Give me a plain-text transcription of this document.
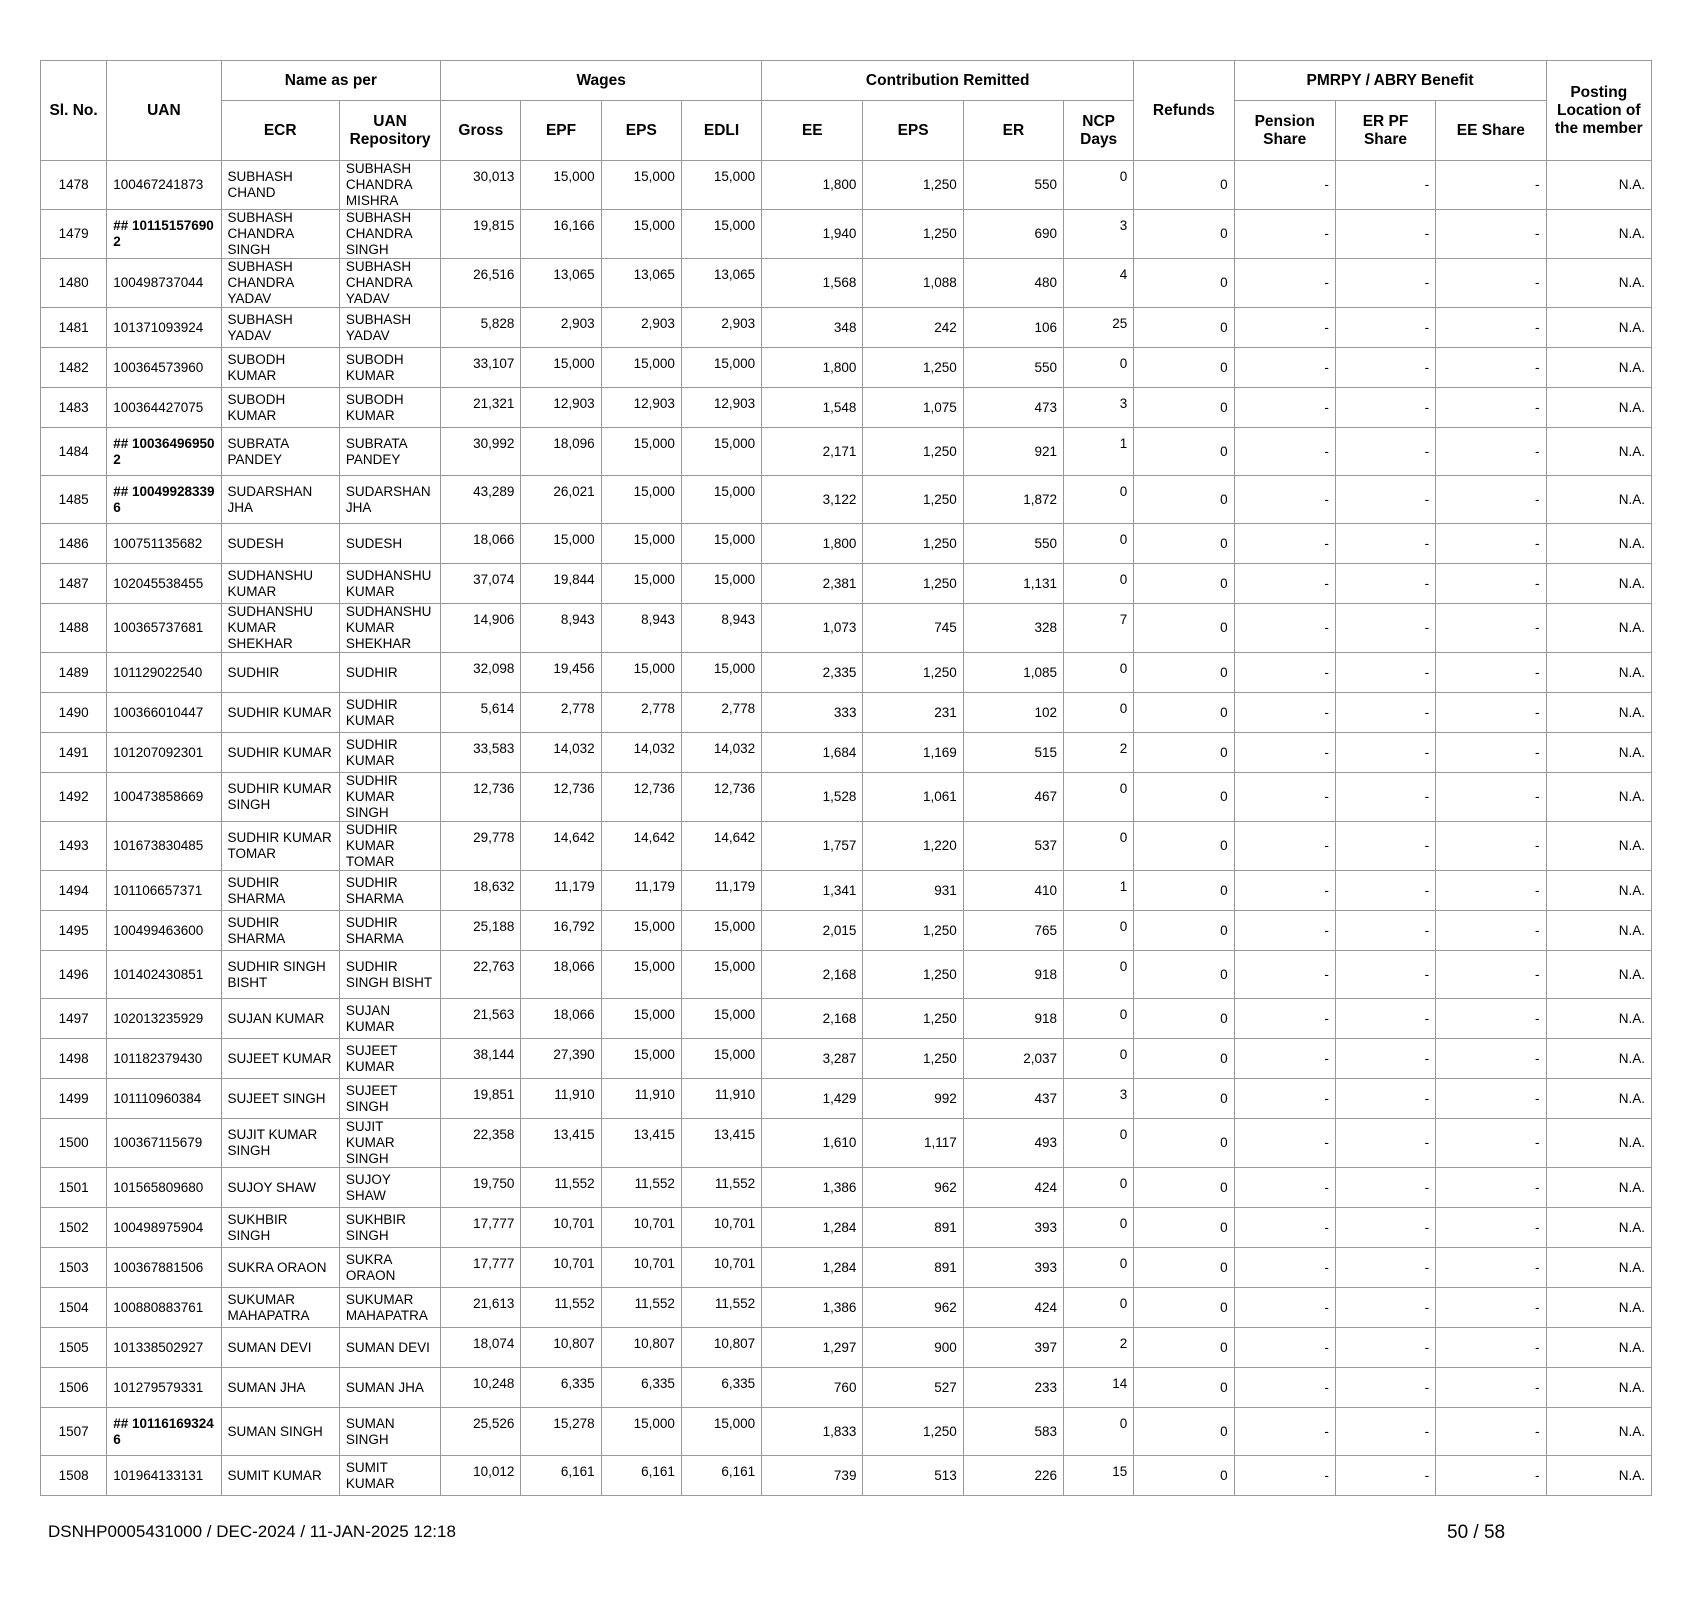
Sl. No.	UAN	Name as per		Wages				Contribution Remitted				Refunds	PMRPY / ABRY Benefit			Posting Location of the member
		ECR	UAN Repository	Gross	EPF	EPS	EDLI	EE	EPS	ER	NCP Days		Pension Share	ER PF Share	EE Share	
1478	100467241873	SUBHASH CHAND	SUBHASH CHANDRA MISHRA	30,013	15,000	15,000	15,000	1,800	1,250	550	0	0	-	-	-	N.A.
1479	## 10115157690 2	SUBHASH CHANDRA SINGH	SUBHASH CHANDRA SINGH	19,815	16,166	15,000	15,000	1,940	1,250	690	3	0	-	-	-	N.A.
1480	100498737044	SUBHASH CHANDRA YADAV	SUBHASH CHANDRA YADAV	26,516	13,065	13,065	13,065	1,568	1,088	480	4	0	-	-	-	N.A.
1481	101371093924	SUBHASH YADAV	SUBHASH YADAV	5,828	2,903	2,903	2,903	348	242	106	25	0	-	-	-	N.A.
1482	100364573960	SUBODH KUMAR	SUBODH KUMAR	33,107	15,000	15,000	15,000	1,800	1,250	550	0	0	-	-	-	N.A.
1483	100364427075	SUBODH KUMAR	SUBODH KUMAR	21,321	12,903	12,903	12,903	1,548	1,075	473	3	0	-	-	-	N.A.
1484	## 10036496950 2	SUBRATA PANDEY	SUBRATA PANDEY	30,992	18,096	15,000	15,000	2,171	1,250	921	1	0	-	-	-	N.A.
1485	## 10049928339 6	SUDARSHAN JHA	SUDARSHAN JHA	43,289	26,021	15,000	15,000	3,122	1,250	1,872	0	0	-	-	-	N.A.
1486	100751135682	SUDESH	SUDESH	18,066	15,000	15,000	15,000	1,800	1,250	550	0	0	-	-	-	N.A.
1487	102045538455	SUDHANSHU KUMAR	SUDHANSHU KUMAR	37,074	19,844	15,000	15,000	2,381	1,250	1,131	0	0	-	-	-	N.A.
1488	100365737681	SUDHANSHU KUMAR SHEKHAR	SUDHANSHU KUMAR SHEKHAR	14,906	8,943	8,943	8,943	1,073	745	328	7	0	-	-	-	N.A.
1489	101129022540	SUDHIR	SUDHIR	32,098	19,456	15,000	15,000	2,335	1,250	1,085	0	0	-	-	-	N.A.
1490	100366010447	SUDHIR KUMAR	SUDHIR KUMAR	5,614	2,778	2,778	2,778	333	231	102	0	0	-	-	-	N.A.
1491	101207092301	SUDHIR KUMAR	SUDHIR KUMAR	33,583	14,032	14,032	14,032	1,684	1,169	515	2	0	-	-	-	N.A.
1492	100473858669	SUDHIR KUMAR SINGH	SUDHIR KUMAR SINGH	12,736	12,736	12,736	12,736	1,528	1,061	467	0	0	-	-	-	N.A.
1493	101673830485	SUDHIR KUMAR TOMAR	SUDHIR KUMAR TOMAR	29,778	14,642	14,642	14,642	1,757	1,220	537	0	0	-	-	-	N.A.
1494	101106657371	SUDHIR SHARMA	SUDHIR SHARMA	18,632	11,179	11,179	11,179	1,341	931	410	1	0	-	-	-	N.A.
1495	100499463600	SUDHIR SHARMA	SUDHIR SHARMA	25,188	16,792	15,000	15,000	2,015	1,250	765	0	0	-	-	-	N.A.
1496	101402430851	SUDHIR SINGH BISHT	SUDHIR SINGH BISHT	22,763	18,066	15,000	15,000	2,168	1,250	918	0	0	-	-	-	N.A.
1497	102013235929	SUJAN KUMAR	SUJAN KUMAR	21,563	18,066	15,000	15,000	2,168	1,250	918	0	0	-	-	-	N.A.
1498	101182379430	SUJEET KUMAR	SUJEET KUMAR	38,144	27,390	15,000	15,000	3,287	1,250	2,037	0	0	-	-	-	N.A.
1499	101110960384	SUJEET SINGH	SUJEET SINGH	19,851	11,910	11,910	11,910	1,429	992	437	3	0	-	-	-	N.A.
1500	100367115679	SUJIT KUMAR SINGH	SUJIT KUMAR SINGH	22,358	13,415	13,415	13,415	1,610	1,117	493	0	0	-	-	-	N.A.
1501	101565809680	SUJOY SHAW	SUJOY SHAW	19,750	11,552	11,552	11,552	1,386	962	424	0	0	-	-	-	N.A.
1502	100498975904	SUKHBIR SINGH	SUKHBIR SINGH	17,777	10,701	10,701	10,701	1,284	891	393	0	0	-	-	-	N.A.
1503	100367881506	SUKRA ORAON	SUKRA ORAON	17,777	10,701	10,701	10,701	1,284	891	393	0	0	-	-	-	N.A.
1504	100880883761	SUKUMAR MAHAPATRA	SUKUMAR MAHAPATRA	21,613	11,552	11,552	11,552	1,386	962	424	0	0	-	-	-	N.A.
1505	101338502927	SUMAN DEVI	SUMAN DEVI	18,074	10,807	10,807	10,807	1,297	900	397	2	0	-	-	-	N.A.
1506	101279579331	SUMAN JHA	SUMAN JHA	10,248	6,335	6,335	6,335	760	527	233	14	0	-	-	-	N.A.
1507	## 10116169324 6	SUMAN SINGH	SUMAN SINGH	25,526	15,278	15,000	15,000	1,833	1,250	583	0	0	-	-	-	N.A.
1508	101964133131	SUMIT KUMAR	SUMIT KUMAR	10,012	6,161	6,161	6,161	739	513	226	15	0	-	-	-	N.A.
DSNHP0005431000 / DEC-2024 / 11-JAN-2025 12:18	50 / 58
